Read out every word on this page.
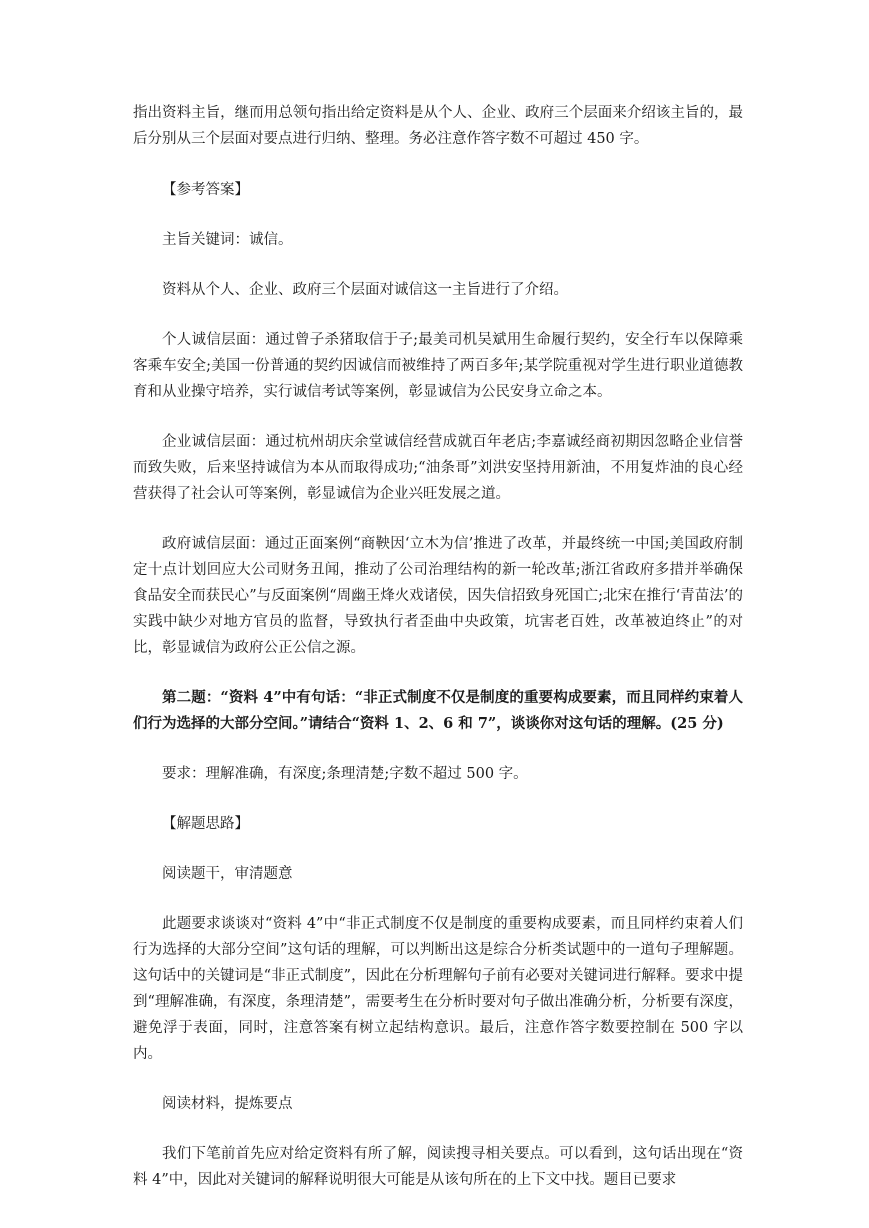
指出资料主旨，继而用总领句指出给定资料是从个人、企业、政府三个层面来介绍该主旨的，最后分别从三个层面对要点进行归纳、整理。务必注意作答字数不可超过 450 字。

【参考答案】

主旨关键词：诚信。

资料从个人、企业、政府三个层面对诚信这一主旨进行了介绍。

个人诚信层面：通过曾子杀猪取信于子;最美司机吴斌用生命履行契约，安全行车以保障乘客乘车安全;美国一份普通的契约因诚信而被维持了两百多年;某学院重视对学生进行职业道德教育和从业操守培养，实行诚信考试等案例，彰显诚信为公民安身立命之本。

企业诚信层面：通过杭州胡庆余堂诚信经营成就百年老店;李嘉诚经商初期因忽略企业信誉而致失败，后来坚持诚信为本从而取得成功;“油条哥”刘洪安坚持用新油，不用复炸油的良心经营获得了社会认可等案例，彰显诚信为企业兴旺发展之道。

政府诚信层面：通过正面案例“商鞅因‘立木为信’推进了改革，并最终统一中国;美国政府制定十点计划回应大公司财务丑闻，推动了公司治理结构的新一轮改革;浙江省政府多措并举确保食品安全而获民心”与反面案例“周幽王烽火戏诸侯，因失信招致身死国亡;北宋在推行‘青苗法’的实践中缺少对地方官员的监督，导致执行者歪曲中央政策，坑害老百姓，改革被迫终止”的对比，彰显诚信为政府公正公信之源。

第二题：“资料 4”中有句话：“非正式制度不仅是制度的重要构成要素，而且同样约束着人们行为选择的大部分空间。”请结合“资料 1、2、6 和 7”，谈谈你对这句话的理解。(25 分)

要求：理解准确，有深度;条理清楚;字数不超过 500 字。

【解题思路】

阅读题干，审清题意

此题要求谈谈对“资料 4”中“非正式制度不仅是制度的重要构成要素，而且同样约束着人们行为选择的大部分空间”这句话的理解，可以判断出这是综合分析类试题中的一道句子理解题。这句话中的关键词是“非正式制度”，因此在分析理解句子前有必要对关键词进行解释。要求中提到“理解准确，有深度，条理清楚”，需要考生在分析时要对句子做出准确分析，分析要有深度，避免浮于表面，同时，注意答案有树立起结构意识。最后，注意作答字数要控制在 500 字以内。

阅读材料，提炼要点

我们下笔前首先应对给定资料有所了解，阅读搜寻相关要点。可以看到，这句话出现在“资料 4”中，因此对关键词的解释说明很大可能是从该句所在的上下文中找。题目已要求
